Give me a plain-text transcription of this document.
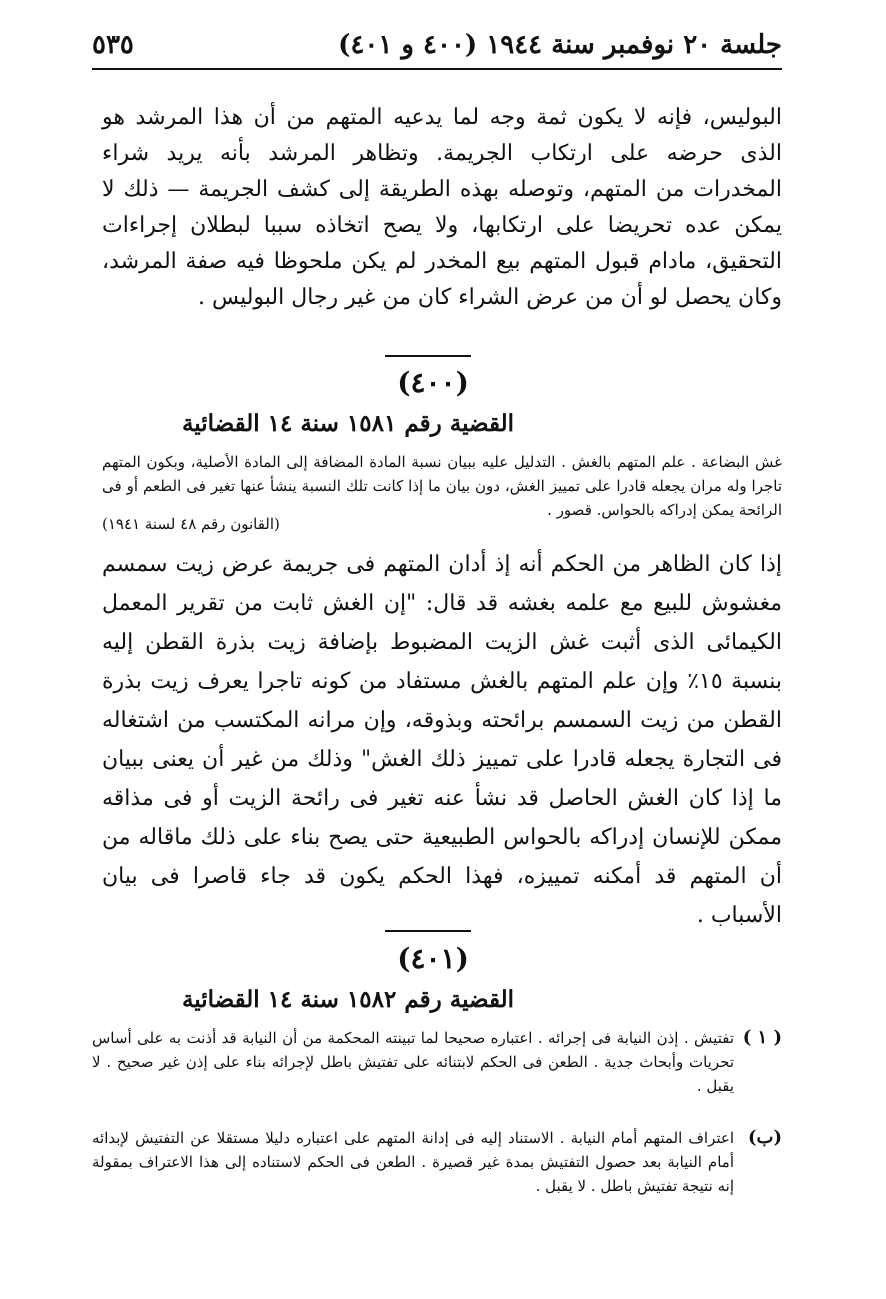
جلسة ٢٠ نوفمبر سنة ١٩٤٤ (٤٠٠ و ٤٠١)
٥٣٥

البوليس، فإنه لا يكون ثمة وجه لما يدعيه المتهم من أن هذا المرشد هو الذى حرضه على ارتكاب الجريمة. وتظاهر المرشد بأنه يريد شراء المخدرات من المتهم، وتوصله بهذه الطريقة إلى كشف الجريمة — ذلك لا يمكن عده تحريضا على ارتكابها، ولا يصح اتخاذه سببا لبطلان إجراءات التحقيق، مادام قبول المتهم بيع المخدر لم يكن ملحوظا فيه صفة المرشد، وكان يحصل لو أن من عرض الشراء كان من غير رجال البوليس .

(٤٠٠)
القضية رقم ١٥٨١ سنة ١٤ القضائية
غش البضاعة . علم المتهم بالغش . التدليل عليه ببيان نسبة المادة المضافة إلى المادة الأصلية، وبكون المتهم تاجرا وله مران يجعله قادرا على تمييز الغش، دون بيان ما إذا كانت تلك النسبة ينشأ عنها تغير فى الطعم أو فى الرائحة يمكن إدراكه بالحواس. قصور .
(القانون رقم ٤٨ لسنة ١٩٤١)

إذا كان الظاهر من الحكم أنه إذ أدان المتهم فى جريمة عرض زيت سمسم مغشوش للبيع مع علمه بغشه قد قال: "إن الغش ثابت من تقرير المعمل الكيمائى الذى أثبت غش الزيت المضبوط بإضافة زيت بذرة القطن إليه بنسبة ١٥٪ وإن علم المتهم بالغش مستفاد من كونه تاجرا يعرف زيت بذرة القطن من زيت السمسم برائحته وبذوقه، وإن مرانه المكتسب من اشتغاله فى التجارة يجعله قادرا على تمييز ذلك الغش" وذلك من غير أن يعنى ببيان ما إذا كان الغش الحاصل قد نشأ عنه تغير فى رائحة الزيت أو فى مذاقه ممكن للإنسان إدراكه بالحواس الطبيعية حتى يصح بناء على ذلك ماقاله من أن المتهم قد أمكنه تمييزه، فهذا الحكم يكون قد جاء قاصرا فى بيان الأسباب .

(٤٠١)
القضية رقم ١٥٨٢ سنة ١٤ القضائية
( ١ )
تفتيش . إذن النيابة فى إجرائه . اعتباره صحيحا لما تبينته المحكمة من أن النيابة قد أذنت به على أساس تحريات وأبحاث جدية . الطعن فى الحكم لابتنائه على تفتيش باطل لإجرائه بناء على إذن غير صحيح . لا يقبل .
(ب)
اعتراف المتهم أمام النيابة . الاستناد إليه فى إدانة المتهم على اعتباره دليلا مستقلا عن التفتيش لإبدائه أمام النيابة بعد حصول التفتيش بمدة غير قصيرة . الطعن فى الحكم لاستناده إلى هذا الاعتراف بمقولة إنه نتيجة تفتيش باطل . لا يقبل .
